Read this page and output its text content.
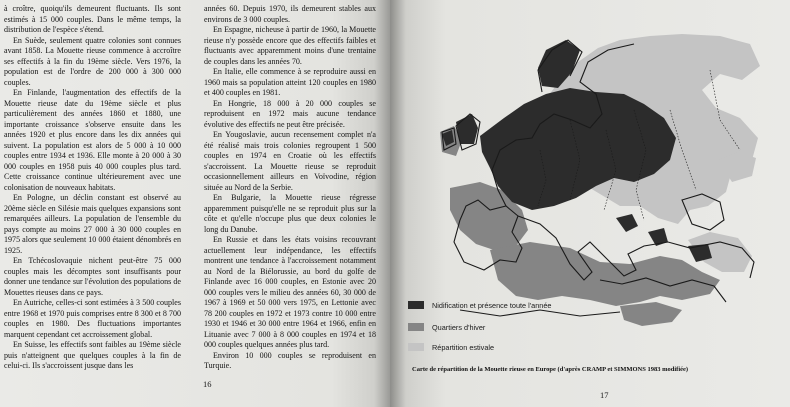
à croître, quoiqu'ils demeurent fluctuants. Ils sont estimés à 15 000 couples. Dans le même temps, la distribution de l'espèce s'étend.

En Suède, seulement quatre colonies sont connues avant 1858. La Mouette rieuse commence à accroître ses effectifs à la fin du 19ème siècle. Vers 1976, la population est de l'ordre de 200 000 à 300 000 couples.

En Finlande, l'augmentation des effectifs de la Mouette rieuse date du 19ème siècle et plus particulièrement des années 1860 et 1880, une importante croissance s'observe ensuite dans les années 1920 et plus encore dans les dix années qui suivent. La population est alors de 5 000 à 10 000 couples entre 1934 et 1936. Elle monte à 20 000 à 30 000 couples en 1958 puis 40 000 couples plus tard. Cette croissance continue ultérieurement avec une colonisation de nouveaux habitats.

En Pologne, un déclin constant est observé au 20ème siècle en Silésie mais quelques expansions sont remarquées ailleurs. La population de l'ensemble du pays compte au moins 27 000 à 30 000 couples en 1975 alors que seulement 10 000 étaient dénombrés en 1925.

En Tchécoslovaquie nichent peut-être 75 000 couples mais les décomptes sont insuffisants pour donner une tendance sur l'évolution des populations de Mouettes rieuses dans ce pays.

En Autriche, celles-ci sont estimées à 3 500 couples entre 1968 et 1970 puis comprises entre 8 300 et 8 700 couples en 1980. Des fluctuations importantes marquent cependant cet accroissement global.

En Suisse, les effectifs sont faibles au 19ème siècle puis n'atteignent que quelques couples à la fin de celui-ci. Ils s'accroissent jusque dans les

années 60. Depuis 1970, ils demeurent stables aux environs de 3 000 couples.

En Espagne, nicheuse à partir de 1960, la Mouette rieuse n'y possède encore que des effectifs faibles et fluctuants avec apparemment moins d'une trentaine de couples dans les années 70.

En Italie, elle commence à se reproduire aussi en 1960 mais sa population atteint 120 couples en 1980 et 400 couples en 1981.

En Hongrie, 18 000 à 20 000 couples se reproduisent en 1972 mais aucune tendance évolutive des effectifs ne peut être précisée.

En Yougoslavie, aucun recensement complet n'a été réalisé mais trois colonies regroupent 1 500 couples en 1974 en Croatie où les effectifs s'accroissent. La Mouette rieuse se reproduit occasionnellement ailleurs en Voïvodine, région située au Nord de la Serbie.

En Bulgarie, la Mouette rieuse régresse apparemment puisqu'elle ne se reproduit plus sur la côte et qu'elle n'occupe plus que deux colonies le long du Danube.

En Russie et dans les états voisins recouvrant actuellement leur indépendance, les effectifs montrent une tendance à l'accroissement notamment au Nord de la Biélorussie, au bord du golfe de Finlande avec 16 000 couples, en Estonie avec 20 000 couples vers le milieu des années 60, 30 000 de 1967 à 1969 et 50 000 vers 1975, en Lettonie avec 78 200 couples en 1972 et 1973 contre 10 000 entre 1930 et 1946 et 30 000 entre 1964 et 1966, enfin en Lituanie avec 7 000 à 8 000 couples en 1974 et 18 000 couples quelques années plus tard.

Environ 10 000 couples se reproduisent en Turquie.

16
17
Nidification et présence toute l'année
Quartiers d'hiver
Répartition estivale
Carte de répartition de la Mouette rieuse en Europe (d'après CRAMP et SIMMONS 1983 modifiée)
